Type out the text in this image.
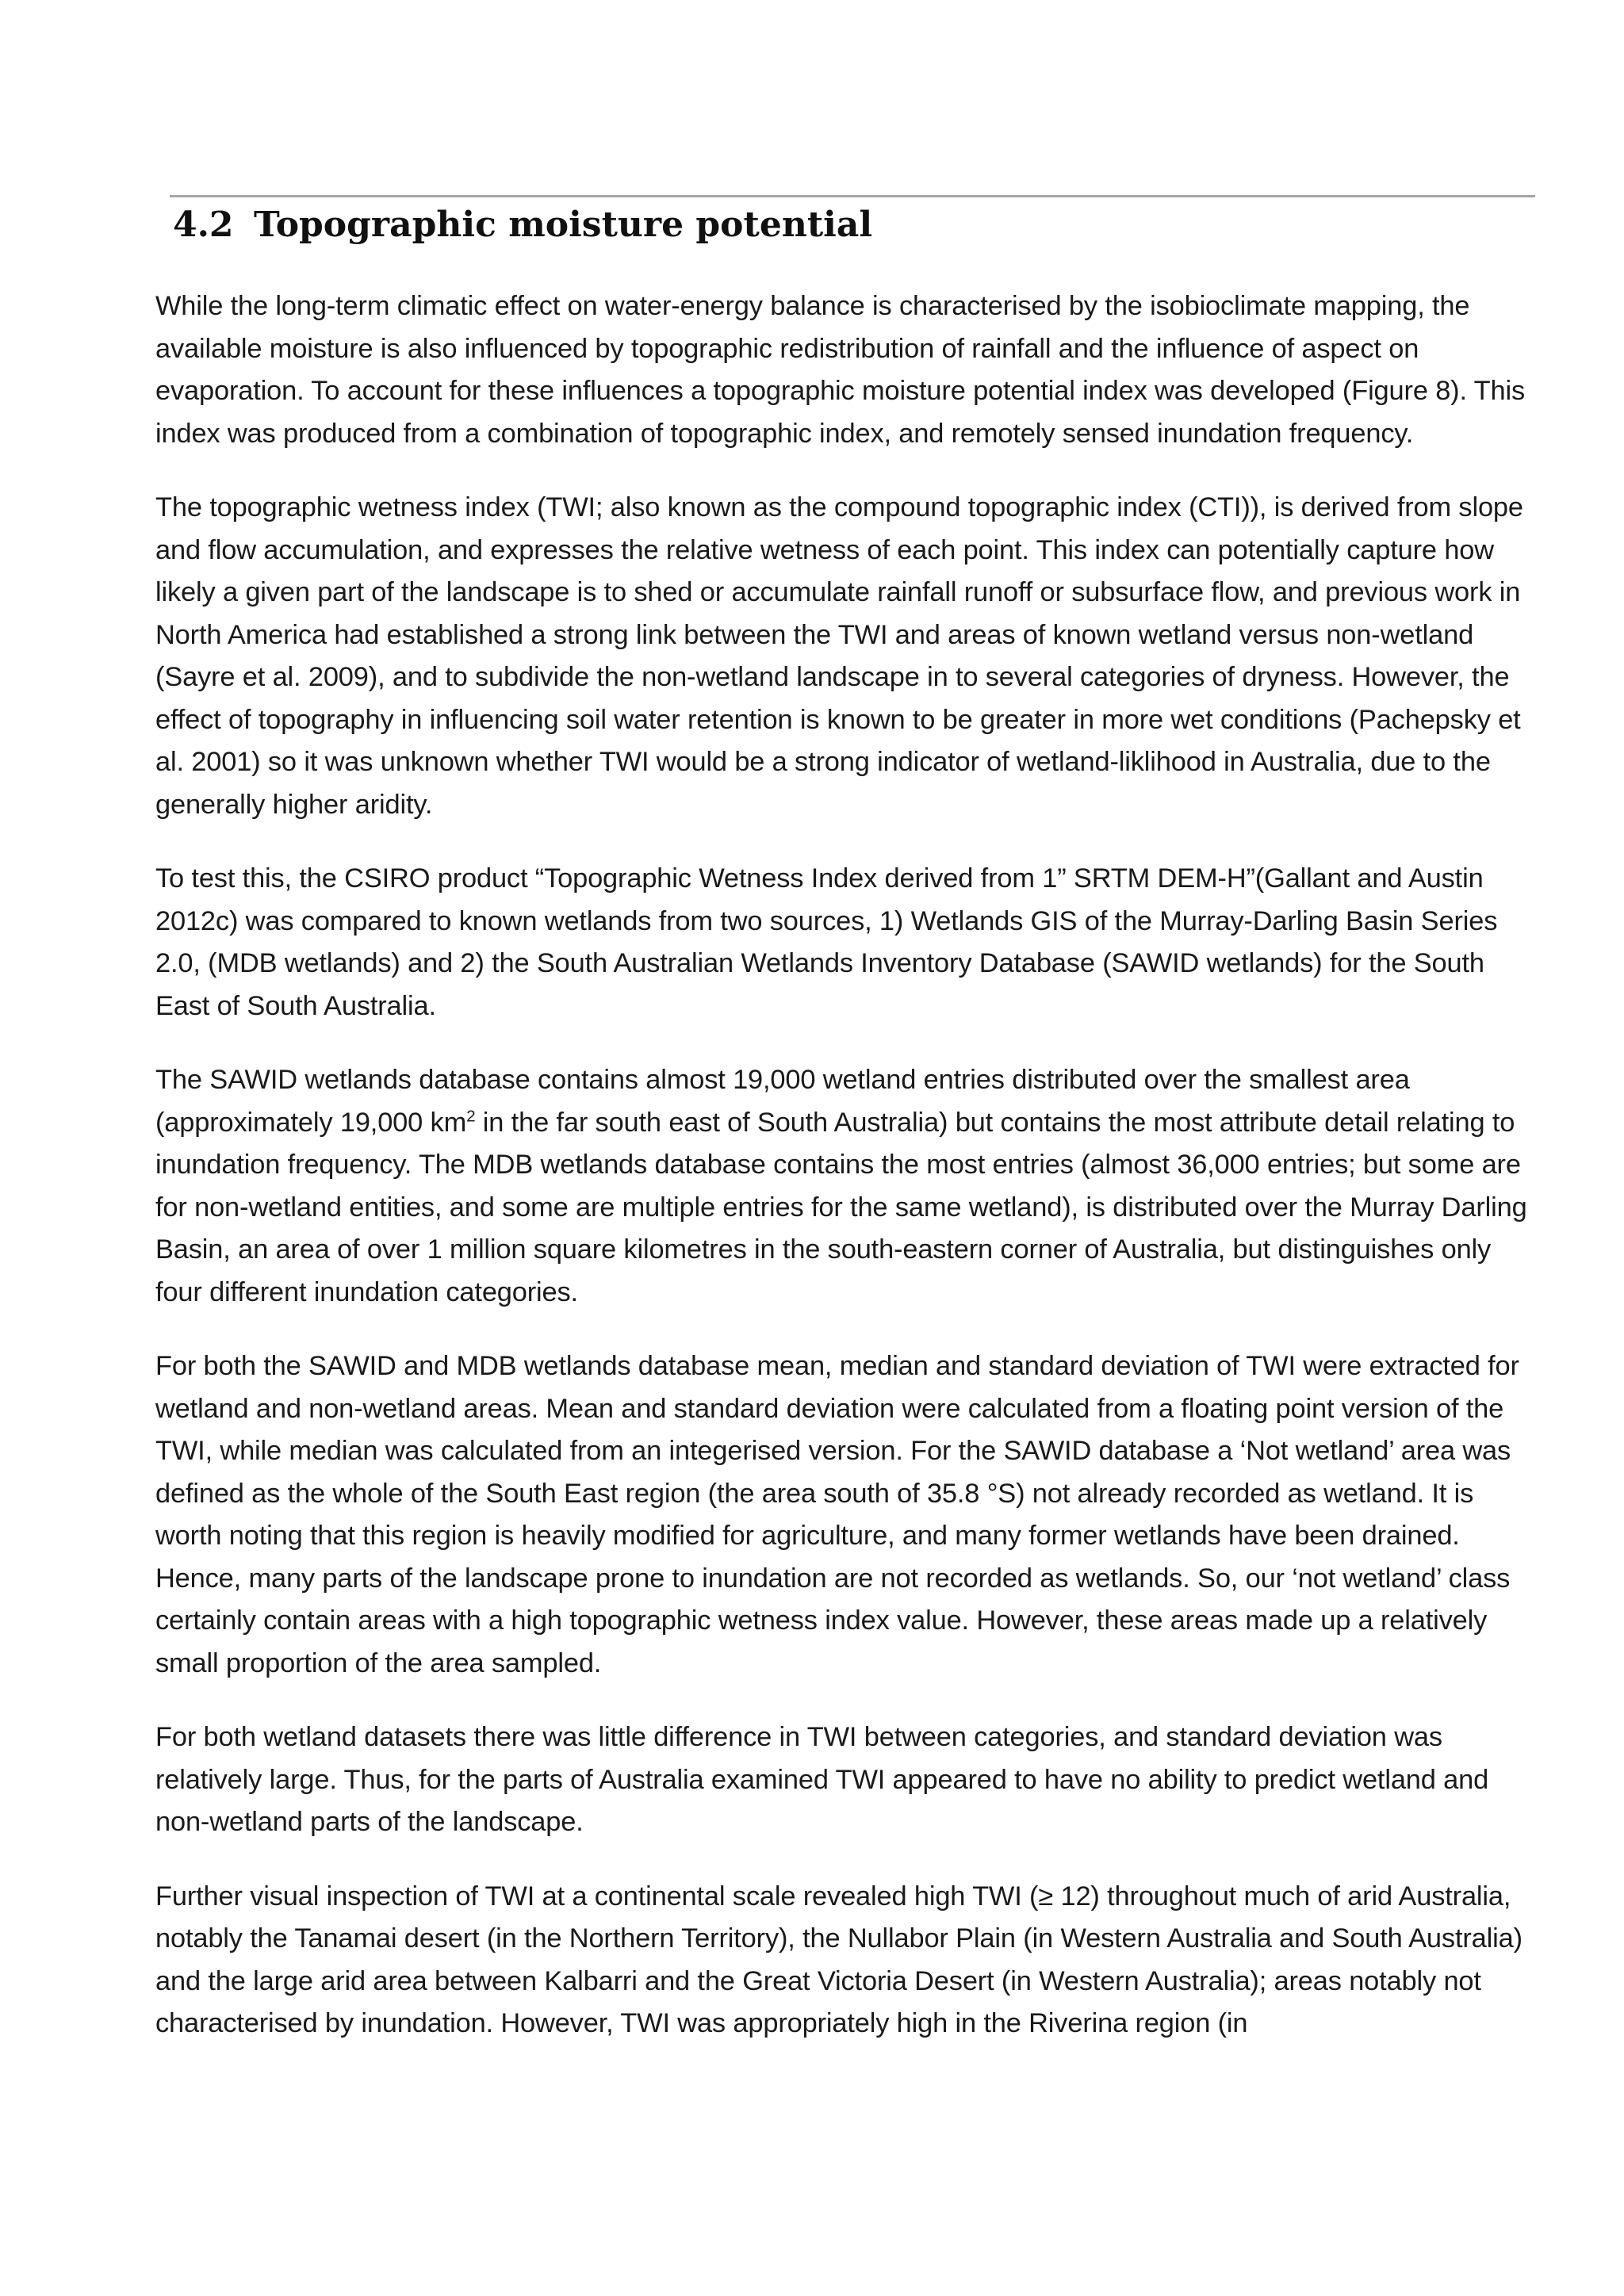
4.2 Topographic moisture potential

While the long-term climatic effect on water-energy balance is characterised by the isobioclimate mapping, the available moisture is also influenced by topographic redistribution of rainfall and the influence of aspect on evaporation. To account for these influences a topographic moisture potential index was developed (Figure 8). This index was produced from a combination of topographic index, and remotely sensed inundation frequency.

The topographic wetness index (TWI; also known as the compound topographic index (CTI)), is derived from slope and flow accumulation, and expresses the relative wetness of each point. This index can potentially capture how likely a given part of the landscape is to shed or accumulate rainfall runoff or subsurface flow, and previous work in North America had established a strong link between the TWI and areas of known wetland versus non-wetland (Sayre et al. 2009), and to subdivide the non-wetland landscape in to several categories of dryness. However, the effect of topography in influencing soil water retention is known to be greater in more wet conditions (Pachepsky et al. 2001) so it was unknown whether TWI would be a strong indicator of wetland-liklihood in Australia, due to the generally higher aridity.

To test this, the CSIRO product “Topographic Wetness Index derived from 1” SRTM DEM-H”(Gallant and Austin 2012c) was compared to known wetlands from two sources, 1) Wetlands GIS of the Murray-Darling Basin Series 2.0, (MDB wetlands) and 2) the South Australian Wetlands Inventory Database (SAWID wetlands) for the South East of South Australia.

The SAWID wetlands database contains almost 19,000 wetland entries distributed over the smallest area (approximately 19,000 $km^2$ in the far south east of South Australia) but contains the most attribute detail relating to inundation frequency. The MDB wetlands database contains the most entries (almost 36,000 entries; but some are for non-wetland entities, and some are multiple entries for the same wetland), is distributed over the Murray Darling Basin, an area of over 1 million square kilometres in the south-eastern corner of Australia, but distinguishes only four different inundation categories.

For both the SAWID and MDB wetlands database mean, median and standard deviation of TWI were extracted for wetland and non-wetland areas. Mean and standard deviation were calculated from a floating point version of the TWI, while median was calculated from an integerised version. For the SAWID database a ‘Not wetland’ area was defined as the whole of the South East region (the area south of 35.8 °S) not already recorded as wetland. It is worth noting that this region is heavily modified for agriculture, and many former wetlands have been drained. Hence, many parts of the landscape prone to inundation are not recorded as wetlands. So, our ‘not wetland’ class certainly contain areas with a high topographic wetness index value. However, these areas made up a relatively small proportion of the area sampled.

For both wetland datasets there was little difference in TWI between categories, and standard deviation was relatively large. Thus, for the parts of Australia examined TWI appeared to have no ability to predict wetland and non-wetland parts of the landscape.

Further visual inspection of TWI at a continental scale revealed high TWI (≥ 12) throughout much of arid Australia, notably the Tanamai desert (in the Northern Territory), the Nullabor Plain (in Western Australia and South Australia) and the large arid area between Kalbarri and the Great Victoria Desert (in Western Australia); areas notably not characterised by inundation. However, TWI was appropriately high in the Riverina region (in
